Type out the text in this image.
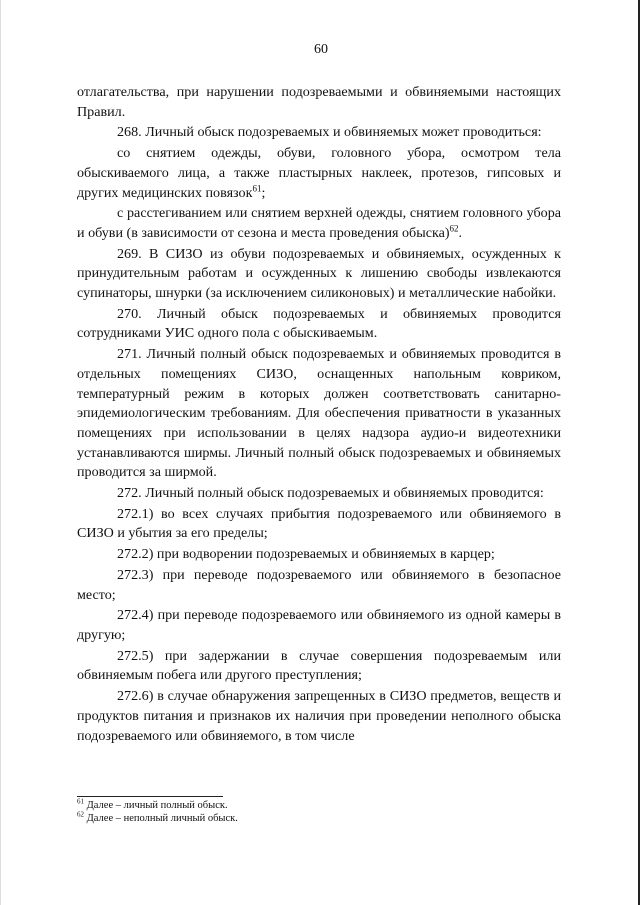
60

отлагательства, при нарушении подозреваемыми и обвиняемыми настоящих Правил.

268. Личный обыск подозреваемых и обвиняемых может проводиться:

со снятием одежды, обуви, головного убора, осмотром тела обыскиваемого лица, а также пластырных наклеек, протезов, гипсовых и других медицинских повязок$^{61}$;

с расстегиванием или снятием верхней одежды, снятием головного убора и обуви (в зависимости от сезона и места проведения обыска)$^{62}$.

269. В СИЗО из обуви подозреваемых и обвиняемых, осужденных к принудительным работам и осужденных к лишению свободы извлекаются супинаторы, шнурки (за исключением силиконовых) и металлические набойки.

270. Личный обыск подозреваемых и обвиняемых проводится сотрудниками УИС одного пола с обыскиваемым.

271. Личный полный обыск подозреваемых и обвиняемых проводится в отдельных помещениях СИЗО, оснащенных напольным ковриком, температурный режим в которых должен соответствовать санитарно-эпидемиологическим требованиям. Для обеспечения приватности в указанных помещениях при использовании в целях надзора аудио-и видеотехники устанавливаются ширмы. Личный полный обыск подозреваемых и обвиняемых проводится за ширмой.

272. Личный полный обыск подозреваемых и обвиняемых проводится:

272.1) во всех случаях прибытия подозреваемого или обвиняемого в СИЗО и убытия за его пределы;

272.2) при водворении подозреваемых и обвиняемых в карцер;

272.3) при переводе подозреваемого или обвиняемого в безопасное место;

272.4) при переводе подозреваемого или обвиняемого из одной камеры в другую;

272.5) при задержании в случае совершения подозреваемым или обвиняемым побега или другого преступления;

272.6) в случае обнаружения запрещенных в СИЗО предметов, веществ и продуктов питания и признаков их наличия при проведении неполного обыска подозреваемого или обвиняемого, в том числе

$^{61}$ Далее – личный полный обыск.
$^{62}$ Далее – неполный личный обыск.
